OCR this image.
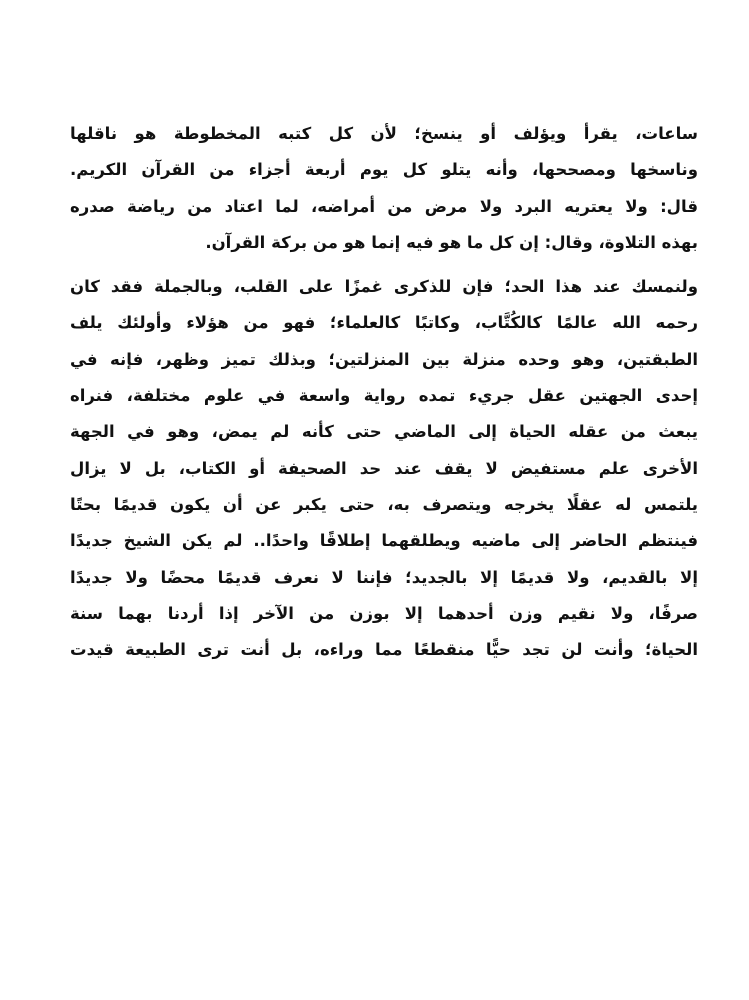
ساعات، يقرأ ويؤلف أو ينسخ؛ لأن كل كتبه المخطوطة هو ناقلها
وناسخها ومصححها، وأنه يتلو كل يوم أربعة أجزاء من القرآن الكريم.
قال: ولا يعتريه البرد ولا مرض من أمراضه، لما اعتاد من رياضة صدره
بهذه التلاوة، وقال: إن كل ما هو فيه إنما هو من بركة القرآن.
ولنمسك عند هذا الحد؛ فإن للذكرى غمزًا على القلب، وبالجملة فقد كان
رحمه الله عالمًا كالكُتَّاب، وكاتبًا كالعلماء؛ فهو من هؤلاء وأولئك يلف
الطبقتين، وهو وحده منزلة بين المنزلتين؛ وبذلك تميز وظهر، فإنه في
إحدى الجهتين عقل جريء تمده رواية واسعة في علوم مختلفة، فنراه
يبعث من عقله الحياة إلى الماضي حتى كأنه لم يمض، وهو في الجهة
الأخرى علم مستفيض لا يقف عند حد الصحيفة أو الكتاب، بل لا يزال
يلتمس له عقلًا يخرجه ويتصرف به، حتى يكبر عن أن يكون قديمًا بحتًا
فينتظم الحاضر إلى ماضيه ويطلقهما إطلاقًا واحدًا.. لم يكن الشيخ جديدًا
إلا بالقديم، ولا قديمًا إلا بالجديد؛ فإننا لا نعرف قديمًا محضًا ولا جديدًا
صرفًا، ولا نقيم وزن أحدهما إلا بوزن من الآخر إذا أردنا بهما سنة
الحياة؛ وأنت لن تجد حيًّا منقطعًا مما وراءه، بل أنت ترى الطبيعة قيدت
